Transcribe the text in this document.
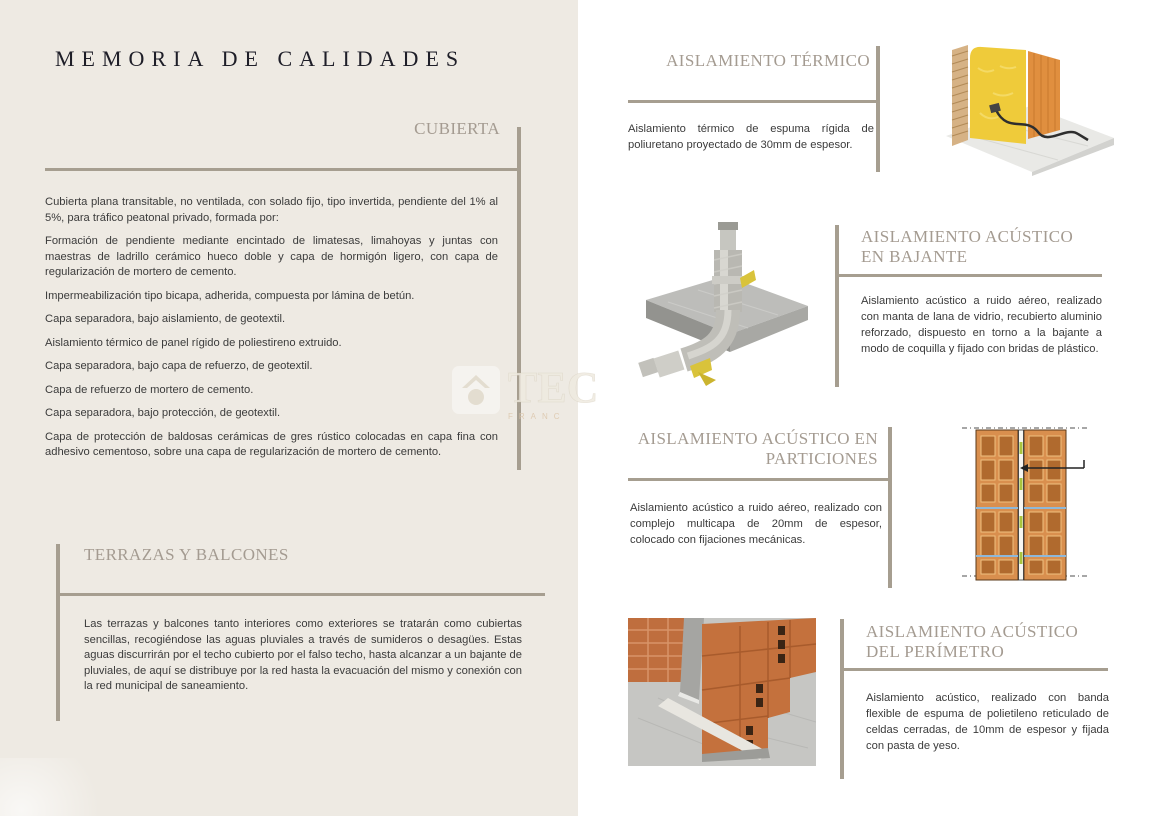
MEMORIA DE CALIDADES
CUBIERTA

Cubierta plana transitable, no ventilada, con solado fijo, tipo invertida, pendiente del 1% al 5%, para tráfico peatonal privado, formada por:

Formación de pendiente mediante encintado de limatesas, limahoyas y juntas con maestras de ladrillo cerámico hueco doble y capa de hormigón ligero, con capa de regularización de mortero de cemento.

Impermeabilización tipo bicapa, adherida, compuesta por lámina de betún.

Capa separadora, bajo aislamiento, de geotextil.

Aislamiento térmico de panel rígido de poliestireno extruido.

Capa separadora, bajo capa de refuerzo, de geotextil.

Capa de refuerzo de mortero de cemento.

Capa separadora, bajo protección, de geotextil.

Capa de protección de baldosas cerámicas de gres rústico colocadas en capa fina con adhesivo cementoso, sobre una capa de regularización de mortero de cemento.

TERRAZAS Y BALCONES

Las terrazas y balcones tanto interiores como exteriores se tratarán como cubiertas sencillas, recogiéndose las aguas pluviales a través de sumideros o desagües. Estas aguas discurrirán por el techo cubierto por el falso techo, hasta alcanzar a un bajante de pluviales, de aquí se distribuye por la red hasta la evacuación del mismo y conexión con la red municipal de saneamiento.

AISLAMIENTO TÉRMICO

Aislamiento térmico de espuma rígida de poliuretano proyectado de 30mm de espesor.

AISLAMIENTO ACÚSTICO EN BAJANTE

Aislamiento acústico a ruido aéreo, realizado con manta de lana de vidrio, recubierto aluminio reforzado, dispuesto en torno a la bajante a modo de coquilla y fijado con bridas de plástico.

AISLAMIENTO ACÚSTICO EN PARTICIONES

Aislamiento acústico a ruido aéreo, realizado con complejo multicapa de 20mm de espesor, colocado con fijaciones mecánicas.

AISLAMIENTO ACÚSTICO DEL PERÍMETRO

Aislamiento acústico, realizado con banda flexible de espuma de polietileno reticulado de celdas cerradas, de 10mm de espesor y fijada con pasta de yeso.

TEC
FRANC
